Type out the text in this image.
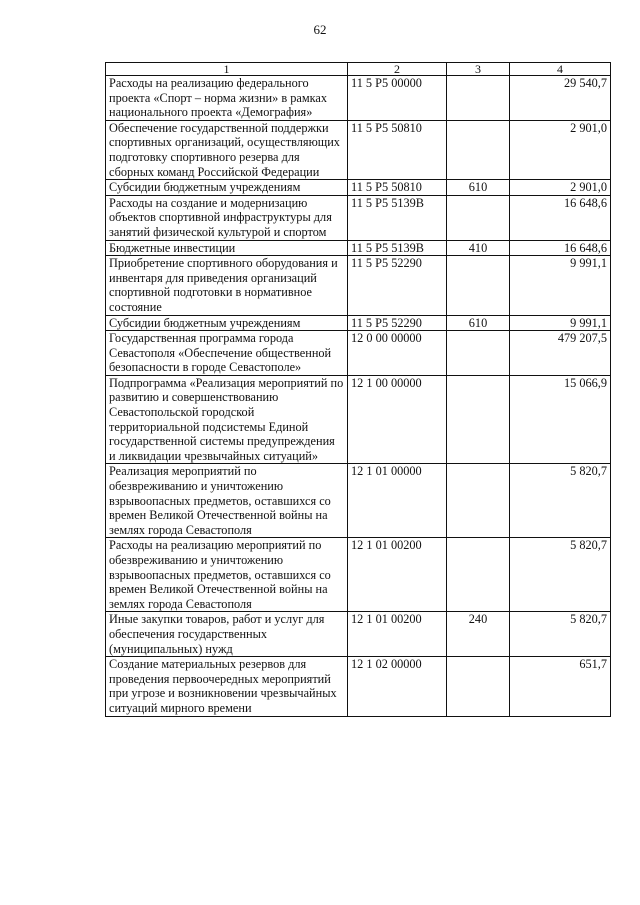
62
1	2	3	4
Расходы на реализацию федерального проекта «Спорт – норма жизни» в рамках национального проекта «Демография»	11 5 Р5 00000		29 540,7
Обеспечение государственной поддержки спортивных организаций, осуществляющих подготовку спортивного резерва для сборных команд Российской Федерации	11 5 Р5 50810		2 901,0
Субсидии бюджетным учреждениям	11 5 Р5 50810	610	2 901,0
Расходы на создание и модернизацию объектов спортивной инфраструктуры для занятий физической культурой и спортом	11 5 Р5 5139В		16 648,6
Бюджетные инвестиции	11 5 Р5 5139В	410	16 648,6
Приобретение спортивного оборудования и инвентаря для приведения организаций спортивной подготовки в нормативное состояние	11 5 Р5 52290		9 991,1
Субсидии бюджетным учреждениям	11 5 Р5 52290	610	9 991,1
Государственная программа города Севастополя «Обеспечение общественной безопасности в городе Севастополе»	12 0 00 00000		479 207,5
Подпрограмма «Реализация мероприятий по развитию и совершенствованию Севастопольской городской территориальной подсистемы Единой государственной системы предупреждения и ликвидации чрезвычайных ситуаций»	12 1 00 00000		15 066,9
Реализация мероприятий по обезвреживанию и уничтожению взрывоопасных предметов, оставшихся со времен Великой Отечественной войны на землях города Севастополя	12 1 01 00000		5 820,7
Расходы на реализацию мероприятий по обезвреживанию и уничтожению взрывоопасных предметов, оставшихся со времен Великой Отечественной войны на землях города Севастополя	12 1 01 00200		5 820,7
Иные закупки товаров, работ и услуг для обеспечения государственных (муниципальных) нужд	12 1 01 00200	240	5 820,7
Создание материальных резервов для проведения первоочередных мероприятий при угрозе и возникновении чрезвычайных ситуаций мирного времени	12 1 02 00000		651,7
